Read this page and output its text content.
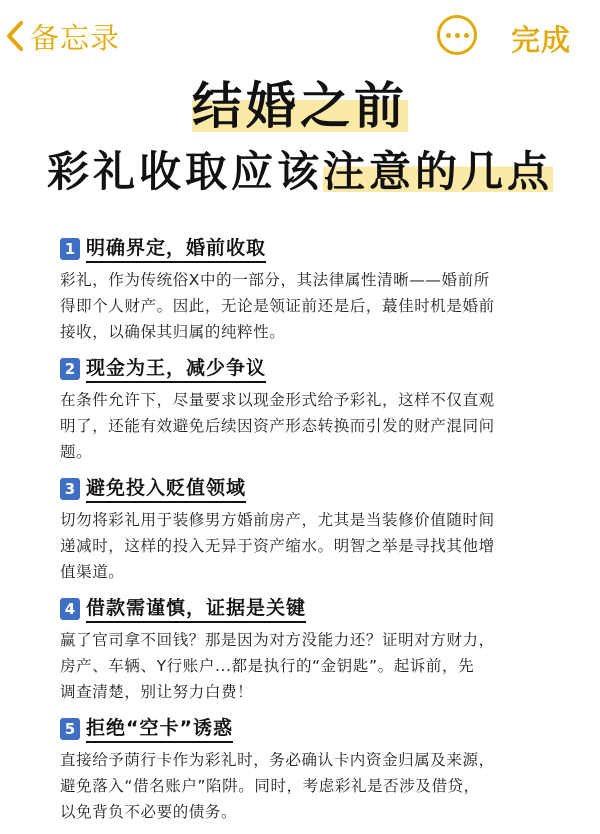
备忘录	完成
结婚之前
彩礼收取应该注意的几点
1 明确界定，婚前收取
彩礼，作为传统俗X中的一部分，其法律属性清晰——婚前所
得即个人财产。因此，无论是领证前还是后，蕞佳时机是婚前
接收，以确保其归属的纯粹性。
2 现金为王，减少争议
在条件允许下，尽量要求以现金形式给予彩礼，这样不仅直观
明了，还能有效避免后续因资产形态转换而引发的财产混同问
题。
3 避免投入贬值领域
切勿将彩礼用于装修男方婚前房产，尤其是当装修价值随时间
递减时，这样的投入无异于资产缩水。明智之举是寻找其他增
值渠道。
4 借款需谨慎，证据是关键
赢了官司拿不回钱？那是因为对方没能力还？证明对方财力，
房产、车辆、Y行账户...都是执行的“金钥匙”。起诉前，先
调查清楚，别让努力白费！
5 拒绝“空卡”诱惑
直接给予荫行卡作为彩礼时，务必确认卡内资金归属及来源，
避免落入“借名账户”陷阱。同时，考虑彩礼是否涉及借贷，
以免背负不必要的债务。
